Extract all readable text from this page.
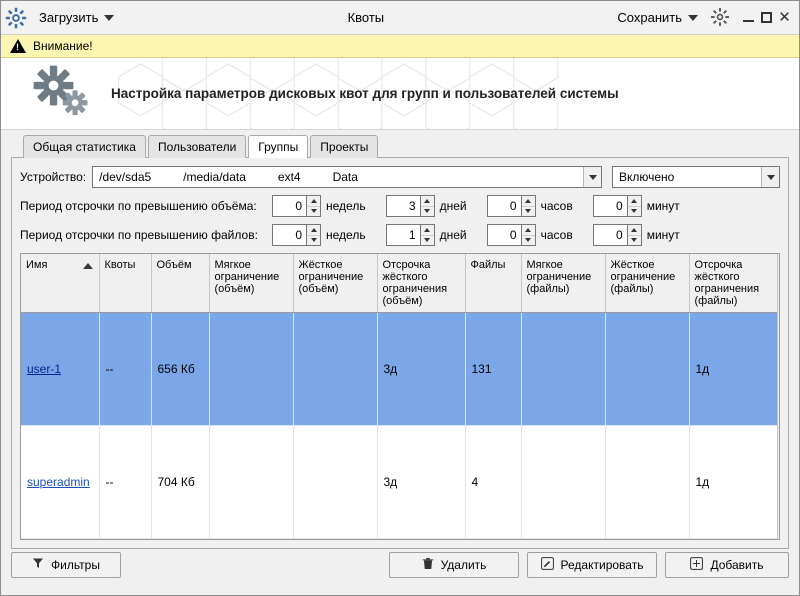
Загрузить	Квоты	Сохранить	✕
!
Внимание!
Настройка параметров дисковых квот для групп и пользователей системы
Общая статистика	Пользователи	Группы	Проекты
Устройство: /dev/sda5	/media/data	ext4	Data	Включено
Период отсрочки по превышению объёма:
0	недель
3	дней
0	часов
0	минут
Период отсрочки по превышению файлов:
0	недель
1	дней
0	часов
0	минут
Имя	Квоты	Объём	Мягкое ограничение (объём)	Жёсткое ограничение (объём)	Отсрочка жёсткого ограничения (объём)	Файлы	Мягкое ограничение (файлы)	Жёсткое ограничение (файлы)	Отсрочка жёсткого ограничения (файлы)
user-1	--	656 Кб			3д	131			1д
superadmin	--	704 Кб			3д	4			1д
Фильтры	Удалить	Редактировать	Добавить
